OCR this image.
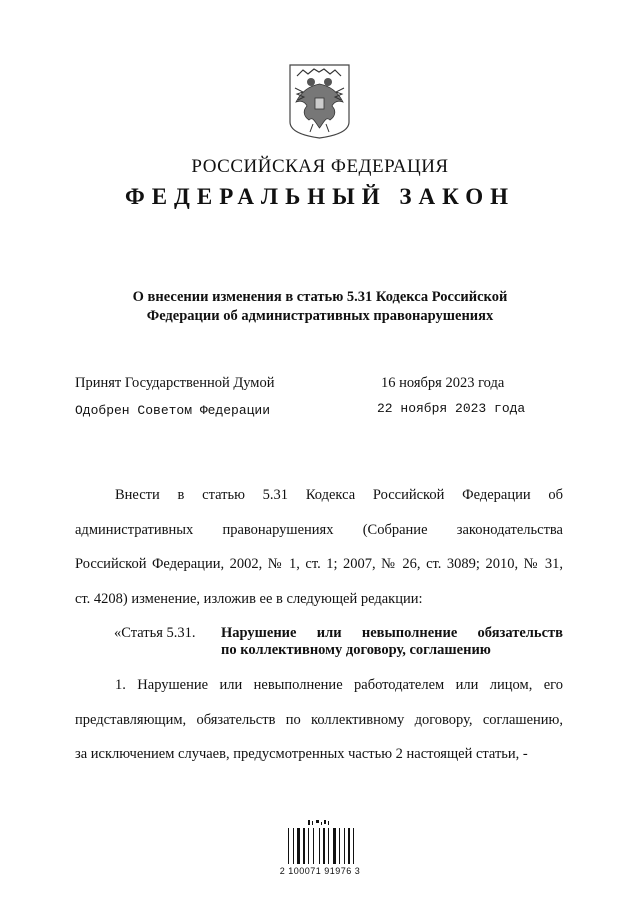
РОССИЙСКАЯ ФЕДЕРАЦИЯ
ФЕДЕРАЛЬНЫЙ ЗАКОН
О внесении изменения в статью 5.31 Кодекса Российской
Федерации об административных правонарушениях
Принят Государственной Думой	16 ноября 2023 года
Одобрен Советом Федерации	22 ноября 2023 года
Внести в статью 5.31 Кодекса Российской Федерации об
административных правонарушениях (Собрание законодательства
Российской Федерации, 2002, № 1, ст. 1; 2007, № 26, ст. 3089; 2010, № 31,
ст. 4208) изменение, изложив ее в следующей редакции:
«Статья 5.31. Нарушение или невыполнение обязательств
по коллективному договору, соглашению
1. Нарушение или невыполнение работодателем или лицом, его
представляющим, обязательств по коллективному договору, соглашению,
за исключением случаев, предусмотренных частью 2 настоящей статьи, -
2 100071 91976 3
